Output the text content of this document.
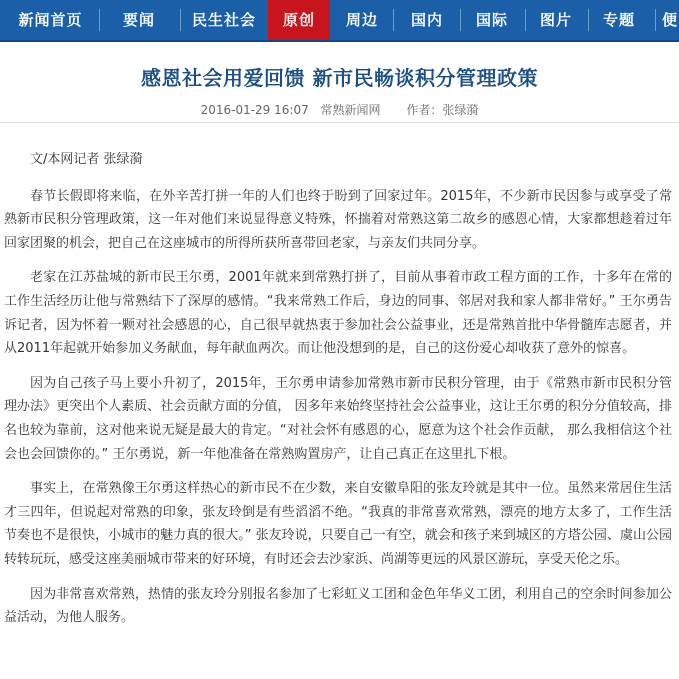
新闻首页	要闻	民生社会	原创	周边	国内	国际	图片	专题	便
感恩社会用爱回馈 新市民畅谈积分管理政策
2016-01-29 16:07 常熟新闻网 作者：张绿漪

文/本网记者 张绿漪

春节长假即将来临，在外辛苦打拼一年的人们也终于盼到了回家过年。2015年，不少新市民因参与或享受了常熟新市民积分管理政策，这一年对他们来说显得意义特殊，怀揣着对常熟这第二故乡的感恩心情，大家都想趁着过年回家团聚的机会，把自己在这座城市的所得所获所喜带回老家，与亲友们共同分享。

老家在江苏盐城的新市民王尔勇，2001年就来到常熟打拼了，目前从事着市政工程方面的工作，十多年在常的工作生活经历让他与常熟结下了深厚的感情。“我来常熟工作后，身边的同事、邻居对我和家人都非常好。” 王尔勇告诉记者，因为怀着一颗对社会感恩的心，自己很早就热衷于参加社会公益事业，还是常熟首批中华骨髓库志愿者，并从2011年起就开始参加义务献血，每年献血两次。而让他没想到的是，自己的这份爱心却收获了意外的惊喜。

因为自己孩子马上要小升初了，2015年，王尔勇申请参加常熟市新市民积分管理，由于《常熟市新市民积分管理办法》更突出个人素质、社会贡献方面的分值， 因多年来始终坚持社会公益事业，这让王尔勇的积分分值较高，排名也较为靠前，这对他来说无疑是最大的肯定。“对社会怀有感恩的心，愿意为这个社会作贡献， 那么我相信这个社会也会回馈你的。” 王尔勇说，新一年他准备在常熟购置房产，让自己真正在这里扎下根。

事实上，在常熟像王尔勇这样热心的新市民不在少数，来自安徽阜阳的张友玲就是其中一位。虽然来常居住生活才三四年，但说起对常熟的印象，张友玲倒是有些滔滔不绝。“我真的非常喜欢常熟，漂亮的地方太多了，工作生活节奏也不是很快，小城市的魅力真的很大。” 张友玲说，只要自己一有空，就会和孩子来到城区的方塔公园、虞山公园转转玩玩，感受这座美丽城市带来的好环境，有时还会去沙家浜、尚湖等更远的风景区游玩，享受天伦之乐。

因为非常喜欢常熟，热情的张友玲分别报名参加了七彩虹义工团和金色年华义工团，利用自己的空余时间参加公益活动，为他人服务。
